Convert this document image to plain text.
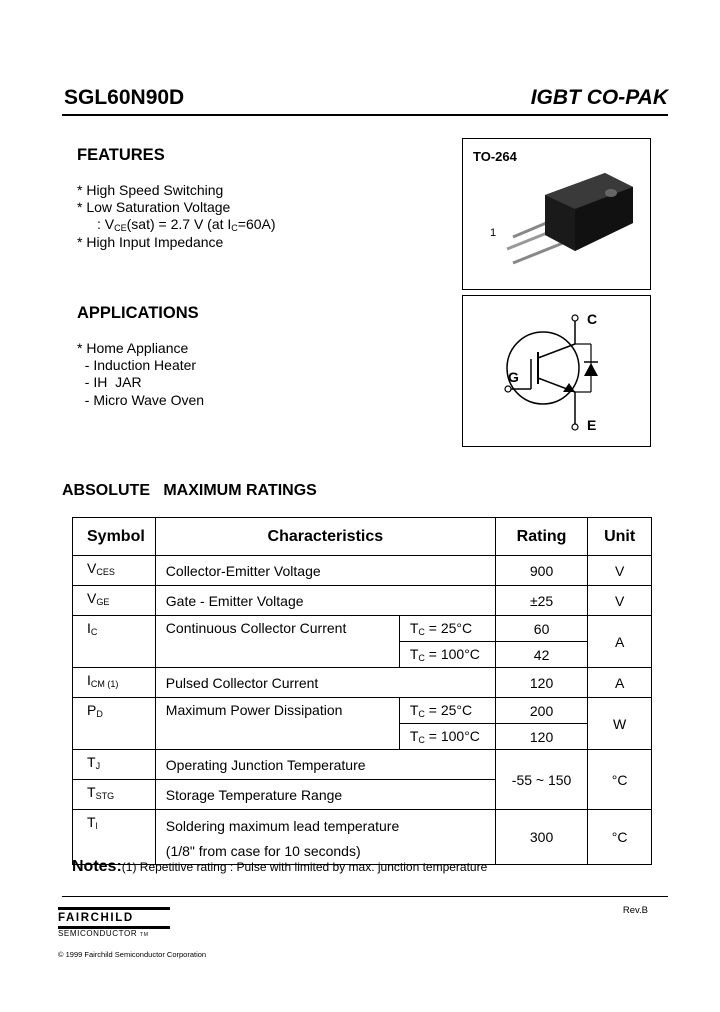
SGL60N90D	IGBT CO-PAK
FEATURES
* High Speed Switching
* Low Saturation Voltage
: $V_{CE}(sat) = 2.7$ V (at $I_C=60A$)
* High Input Impedance
APPLICATIONS
* Home Appliance
- Induction Heater
- IH  JAR
- Micro Wave Oven
TO-264
1
C
G
E
ABSOLUTE   MAXIMUM RATINGS
Symbol	Characteristics		Rating	Unit
$V_{CES}$	Collector-Emitter Voltage		900	V
$V_{GE}$	Gate - Emitter Voltage		±25	V
$I_C$	Continuous Collector Current	$T_C = 25^\circ C$	60	A
		$T_C = 100^\circ C$	42	
$I_{CM (1)}$	Pulsed Collector Current		120	A
$P_D$	Maximum Power Dissipation	$T_C = 25^\circ C$	200	W
		$T_C = 100^\circ C$	120	
$T_J$	Operating Junction Temperature		-55 ~ 150	°C
$T_{STG}$	Storage Temperature Range			
$T_l$	Soldering maximum lead temperature
(1/8" from case for 10 seconds)		300	°C
Notes:(1) Repetitive rating : Pulse with limited by max. junction temperature
FAIRCHILD
SEMICONDUCTOR TM
© 1999 Fairchild Semiconductor Corporation
Rev.B
